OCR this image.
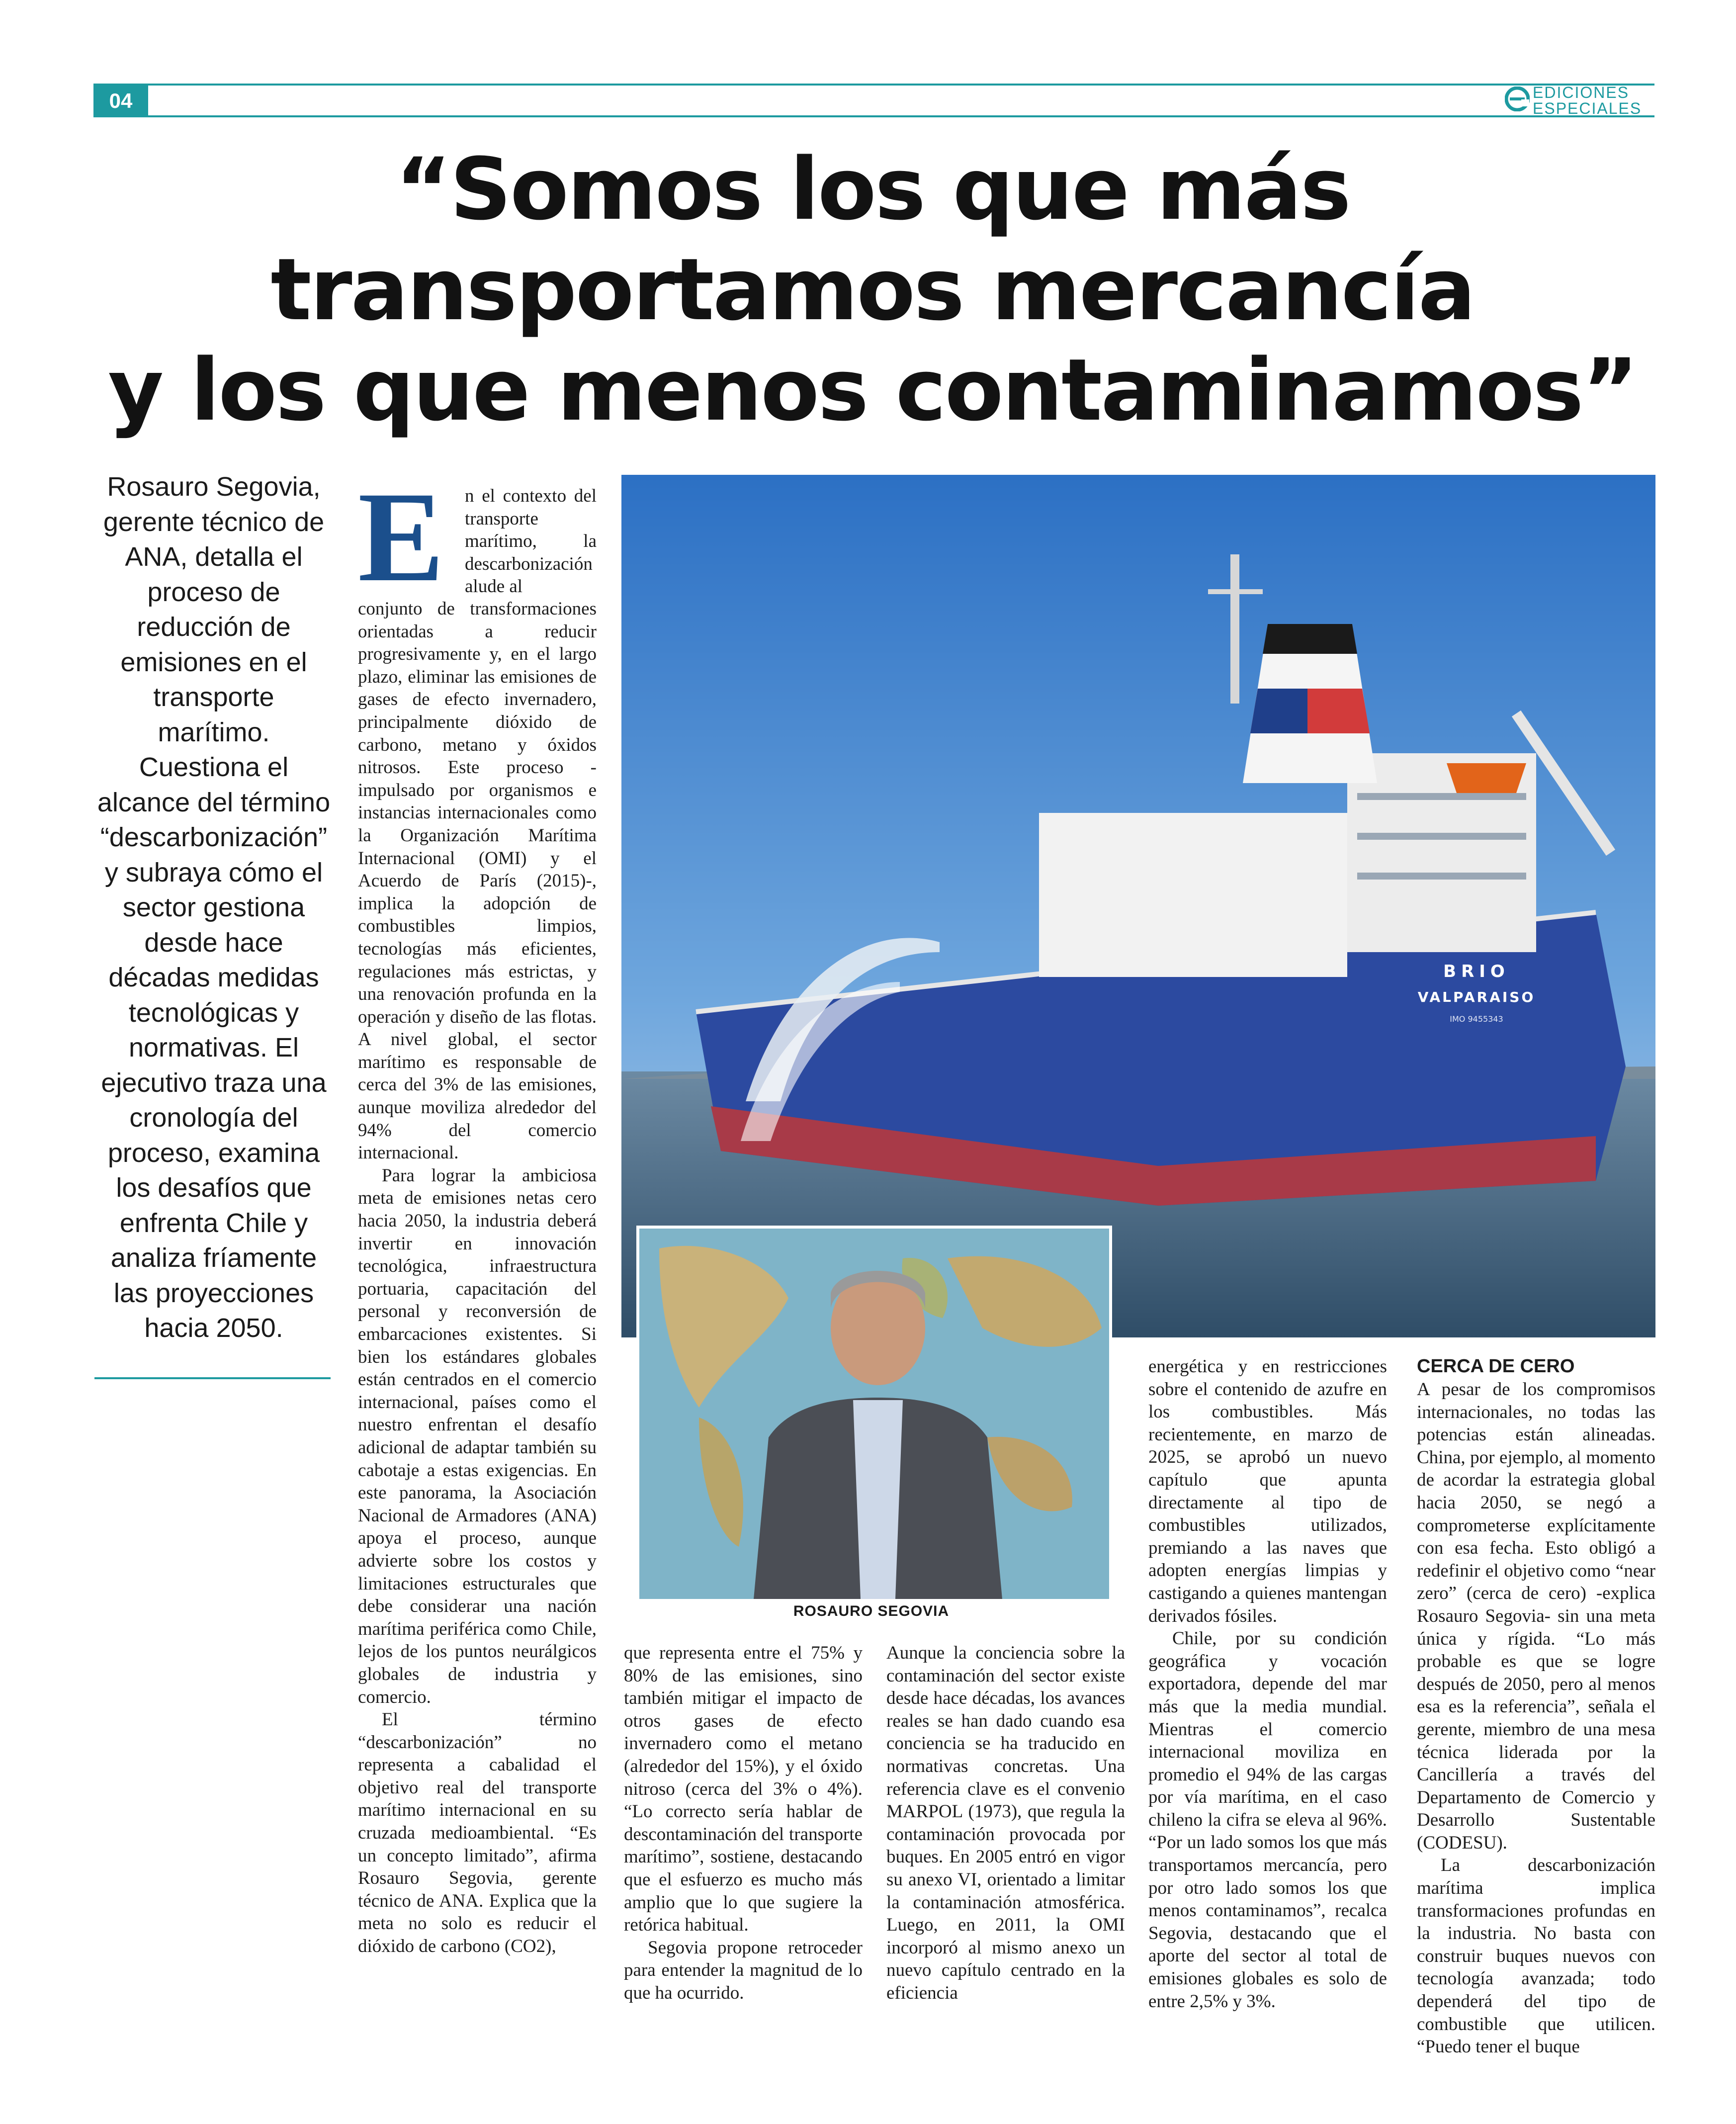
04	EDICIONES
ESPECIALES
“Somos los que más
transportamos mercancía
y los que menos contaminamos”
Rosauro Segovia, gerente técnico de ANA, detalla el proceso de reducción de emisiones en el transporte marítimo. Cuestiona el alcance del término “descarbonización” y subraya cómo el sector gestiona desde hace décadas medidas tecnológicas y normativas. El ejecutivo traza una cronología del proceso, examina los desafíos que enfrenta Chile y analiza fríamente las proyecciones hacia 2050.
E n el contexto del transporte marítimo, la descarbonización alude al

conjunto de transformaciones orientadas a reducir progresivamente y, en el largo plazo, eliminar las emisiones de gases de efecto invernadero, principalmente dióxido de carbono, metano y óxidos nitrosos. Este proceso -impulsado por organismos e instancias internacionales como la Organización Marítima Internacional (OMI) y el Acuerdo de París (2015)-, implica la adopción de combustibles limpios, tecnologías más eficientes, regulaciones más estrictas, y una renovación profunda en la operación y diseño de las flotas. A nivel global, el sector marítimo es responsable de cerca del 3% de las emisiones, aunque moviliza alrededor del 94% del comercio internacional.

Para lograr la ambiciosa meta de emisiones netas cero hacia 2050, la industria deberá invertir en innovación tecnológica, infraestructura portuaria, capacitación del personal y reconversión de embarcaciones existentes. Si bien los estándares globales están centrados en el comercio internacional, países como el nuestro enfrentan el desafío adicional de adaptar también su cabotaje a estas exigencias. En este panorama, la Asociación Nacional de Armadores (ANA) apoya el proceso, aunque advierte sobre los costos y limitaciones estructurales que debe considerar una nación marítima periférica como Chile, lejos de los puntos neurálgicos globales de industria y comercio.

El término “descarbonización” no representa a cabalidad el objetivo real del transporte marítimo internacional en su cruzada medioambiental. “Es un concepto limitado”, afirma Rosauro Segovia, gerente técnico de ANA. Explica que la meta no solo es reducir el dióxido de carbono (CO2),

BRIO
VALPARAISO
IMO 9455343
ROSAURO SEGOVIA

que representa entre el 75% y 80% de las emisiones, sino también mitigar el impacto de otros gases de efecto invernadero como el metano (alrededor del 15%), y el óxido nitroso (cerca del 3% o 4%). “Lo correcto sería hablar de descontaminación del transporte marítimo”, sostiene, destacando que el esfuerzo es mucho más amplio que lo que sugiere la retórica habitual.

Segovia propone retroceder para entender la magnitud de lo que ha ocurrido.

Aunque la conciencia sobre la contaminación del sector existe desde hace décadas, los avances reales se han dado cuando esa conciencia se ha traducido en normativas concretas. Una referencia clave es el convenio MARPOL (1973), que regula la contaminación provocada por buques. En 2005 entró en vigor su anexo VI, orientado a limitar la contaminación atmosférica. Luego, en 2011, la OMI incorporó al mismo anexo un nuevo capítulo centrado en la eficiencia

energética y en restricciones sobre el contenido de azufre en los combustibles. Más recientemente, en marzo de 2025, se aprobó un nuevo capítulo que apunta directamente al tipo de combustibles utilizados, premiando a las naves que adopten energías limpias y castigando a quienes mantengan derivados fósiles.

Chile, por su condición geográfica y vocación exportadora, depende del mar más que la media mundial. Mientras el comercio internacional moviliza en promedio el 94% de las cargas por vía marítima, en el caso chileno la cifra se eleva al 96%. “Por un lado somos los que más transportamos mercancía, pero por otro lado somos los que menos contaminamos”, recalca Segovia, destacando que el aporte del sector al total de emisiones globales es solo de entre 2,5% y 3%.

CERCA DE CERO

A pesar de los compromisos internacionales, no todas las potencias están alineadas. China, por ejemplo, al momento de acordar la estrategia global hacia 2050, se negó a comprometerse explícitamente con esa fecha. Esto obligó a redefinir el objetivo como “near zero” (cerca de cero) -explica Rosauro Segovia- sin una meta única y rígida. “Lo más probable es que se logre después de 2050, pero al menos esa es la referencia”, señala el gerente, miembro de una mesa técnica liderada por la Cancillería a través del Departamento de Comercio y Desarrollo Sustentable (CODESU).

La descarbonización marítima implica transformaciones profundas en la industria. No basta con construir buques nuevos con tecnología avanzada; todo dependerá del tipo de combustible que utilicen. “Puedo tener el buque
